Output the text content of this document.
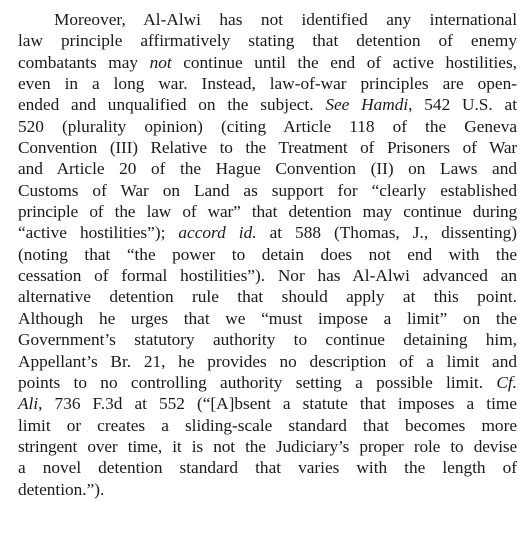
Moreover, Al-Alwi has not identified any international
law principle affirmatively stating that detention of enemy
combatants may not continue until the end of active hostilities,
even in a long war. Instead, law-of-war principles are open-
ended and unqualified on the subject. See Hamdi, 542 U.S. at
520 (plurality opinion) (citing Article 118 of the Geneva
Convention (III) Relative to the Treatment of Prisoners of War
and Article 20 of the Hague Convention (II) on Laws and
Customs of War on Land as support for “clearly established
principle of the law of war” that detention may continue during
“active hostilities”); accord id. at 588 (Thomas, J., dissenting)
(noting that “the power to detain does not end with the
cessation of formal hostilities”). Nor has Al-Alwi advanced an
alternative detention rule that should apply at this point.
Although he urges that we “must impose a limit” on the
Government’s statutory authority to continue detaining him,
Appellant’s Br. 21, he provides no description of a limit and
points to no controlling authority setting a possible limit. Cf.
Ali, 736 F.3d at 552 (“[A]bsent a statute that imposes a time
limit or creates a sliding-scale standard that becomes more
stringent over time, it is not the Judiciary’s proper role to devise
a novel detention standard that varies with the length of
detention.”).
